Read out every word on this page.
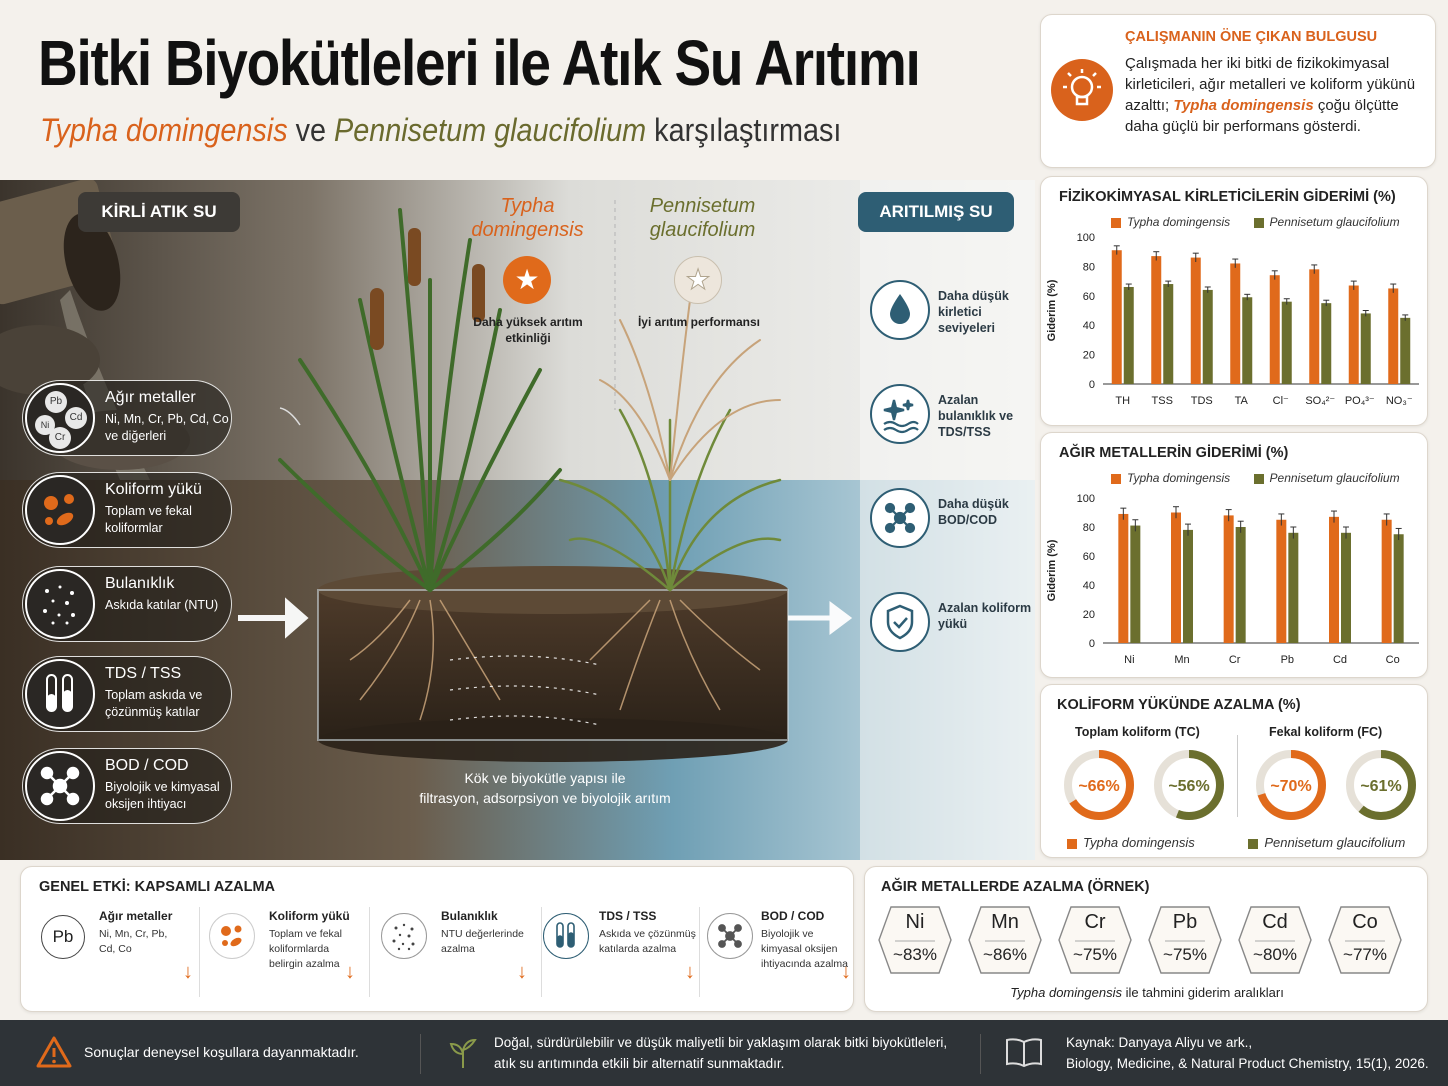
Bitki Biyokütleleri ile Atık Su Arıtımı
Typha domingensis ve Pennisetum glaucifolium karşılaştırması
ÇALIŞMANIN ÖNE ÇIKAN BULGUSU
Çalışmada her iki bitki de fizikokimyasal kirleticileri, ağır metalleri ve koliform yükünü azalttı; Typha domingensis çoğu ölçütte daha güçlü bir performans gösterdi.
KİRLİ ATIK SU	ARITILMIŞ SU
Typha
domingensis
★
Daha yüksek arıtım etkinliği
Pennisetum
glaucifolium
★
İyi arıtım performansı
Kök ve biyokütle yapısı ile
filtrasyon, adsorpsiyon ve biyolojik arıtım
Pb
Cd
Ni
Cr
Ağır metaller
Ni, Mn, Cr, Pb, Cd, Co ve diğerleri
Koliform yükü
Toplam ve fekal koliformlar
Bulanıklık
Askıda katılar (NTU)
TDS / TSS
Toplam askıda ve çözünmüş katılar
BOD / COD
Biyolojik ve kimyasal oksijen ihtiyacı
Daha düşük kirletici seviyeleri
Azalan bulanıklık ve TDS/TSS
Daha düşük BOD/COD
Azalan koliform yükü
FİZİKOKİMYASAL KİRLETİCİLERİN GİDERİMİ (%)
Typha domingensis	Pennisetum glaucifolium
0
20
40
60
80
100
Giderim (%)
TH TSS TDS TA Cl⁻ SO₄²⁻ PO₄³⁻ NO₃⁻
AĞIR METALLERİN GİDERİMİ (%)
Typha domingensis	Pennisetum glaucifolium
0
20
40
60
80
100
Giderim (%)
Ni	Mn	Cr	Pb	Cd	Co
KOLİFORM YÜKÜNDE AZALMA (%)
Toplam koliform (TC)	Fekal koliform (FC)
~66%	~56%	~70%	~61%
Typha domingensis	Pennisetum glaucifolium
GENEL ETKİ: KAPSAMLI AZALMA
Pb
Ağır metaller
Ni, Mn, Cr, Pb, Cd, Co
↓
Koliform yükü
Toplam ve fekal koliformlarda belirgin azalma ↓
Bulanıklık
NTU değerlerinde azalma
↓
TDS / TSS
Askıda ve çözünmüş katılarda azalma
↓
BOD / COD
Biyolojik ve kimyasal oksijen ihtiyacında azalma
↓
AĞIR METALLERDE AZALMA (ÖRNEK)
Ni
~83%
Mn
~86%
Cr
~75%
Pb
~75%
Cd
~80%
Co
~77%
Typha domingensis ile tahmini giderim aralıkları
Sonuçlar deneysel koşullara dayanmaktadır.
Doğal, sürdürülebilir ve düşük maliyetli bir yaklaşım olarak bitki biyokütleleri,
atık su arıtımında etkili bir alternatif sunmaktadır.
Kaynak: Danyaya Aliyu ve ark.,
Biology, Medicine, & Natural Product Chemistry, 15(1), 2026.
